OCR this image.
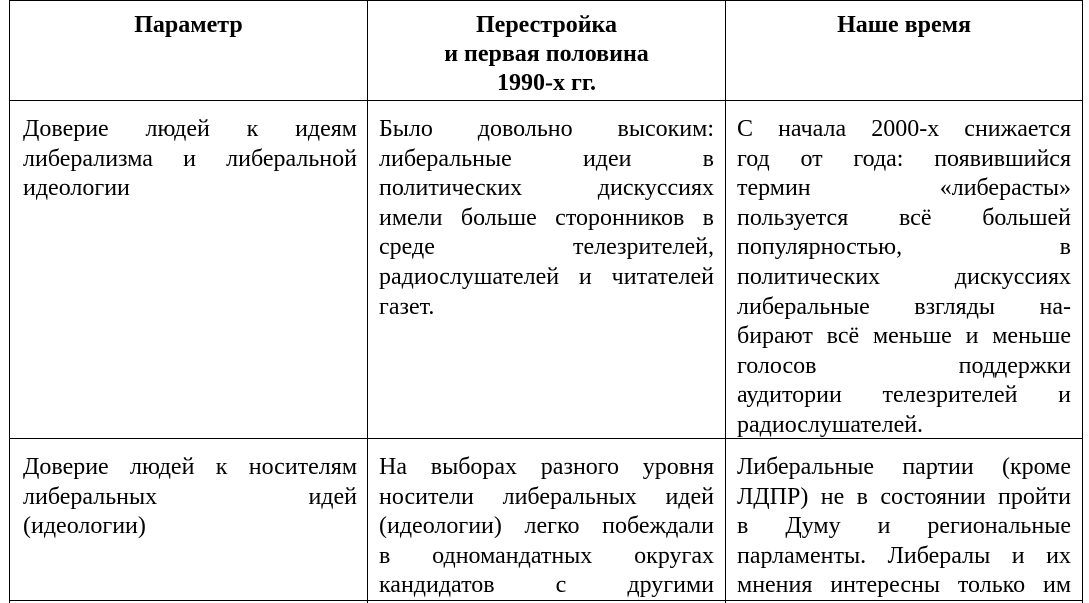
Параметр	Перестройка
и первая половина
1990-х гг.
Наше время
Доверие людей к идеям
либерализма и либеральной
идеологии
Было довольно высоким:
либеральные идеи в
политических дискуссиях
имели больше сторонников в
среде телезрителей,
радиослушателей и читателей
газет.
С начала 2000-х снижается
год от года: появившийся
термин «либерасты»
пользуется всё большей
популярностью, в
политических дискуссиях
либеральные взгляды на-
бирают всё меньше и меньше
голосов поддержки
аудитории телезрителей и
радиослушателей.
Доверие людей к носителям
либеральных идей
(идеологии)
На выборах разного уровня
носители либеральных идей
(идеологии) легко побеждали
в одномандатных округах
кандидатов с другими
Либеральные партии (кроме
ЛДПР) не в состоянии пройти
в Думу и региональные
парламенты. Либералы и их
мнения интересны только им
